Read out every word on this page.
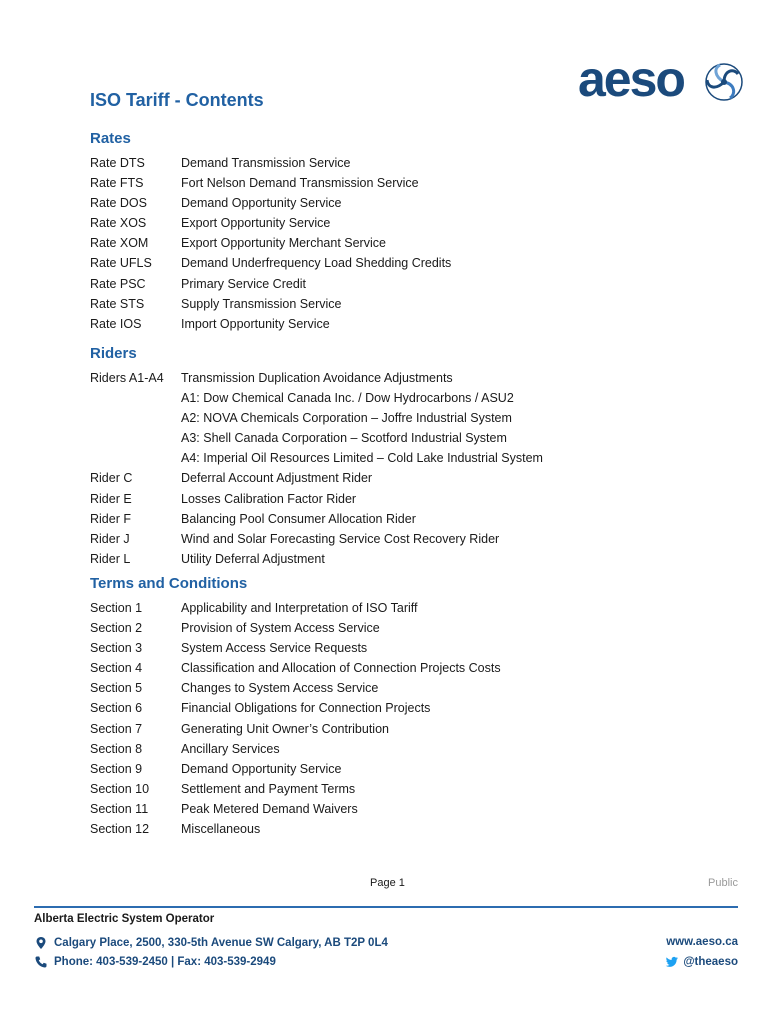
aeso
ISO Tariff - Contents
Rates
Rate DTS	Demand Transmission Service
Rate FTS	Fort Nelson Demand Transmission Service
Rate DOS	Demand Opportunity Service
Rate XOS	Export Opportunity Service
Rate XOM	Export Opportunity Merchant Service
Rate UFLS	Demand Underfrequency Load Shedding Credits
Rate PSC	Primary Service Credit
Rate STS	Supply Transmission Service
Rate IOS	Import Opportunity Service
Riders
Riders A1-A4	Transmission Duplication Avoidance Adjustments
A1: Dow Chemical Canada Inc. / Dow Hydrocarbons / ASU2
A2: NOVA Chemicals Corporation – Joffre Industrial System
A3: Shell Canada Corporation – Scotford Industrial System
A4: Imperial Oil Resources Limited – Cold Lake Industrial System
Rider C	Deferral Account Adjustment Rider
Rider E	Losses Calibration Factor Rider
Rider F	Balancing Pool Consumer Allocation Rider
Rider J	Wind and Solar Forecasting Service Cost Recovery Rider
Rider L	Utility Deferral Adjustment
Terms and Conditions
Section 1	Applicability and Interpretation of ISO Tariff
Section 2	Provision of System Access Service
Section 3	System Access Service Requests
Section 4	Classification and Allocation of Connection Projects Costs
Section 5	Changes to System Access Service
Section 6	Financial Obligations for Connection Projects
Section 7	Generating Unit Owner’s Contribution
Section 8	Ancillary Services
Section 9	Demand Opportunity Service
Section 10	Settlement and Payment Terms
Section 11	Peak Metered Demand Waivers
Section 12	Miscellaneous
Page 1	Public
Alberta Electric System Operator
Calgary Place, 2500, 330-5th Avenue SW Calgary, AB T2P 0L4
Phone: 403-539-2450 | Fax: 403-539-2949
www.aeso.ca
@theaeso
